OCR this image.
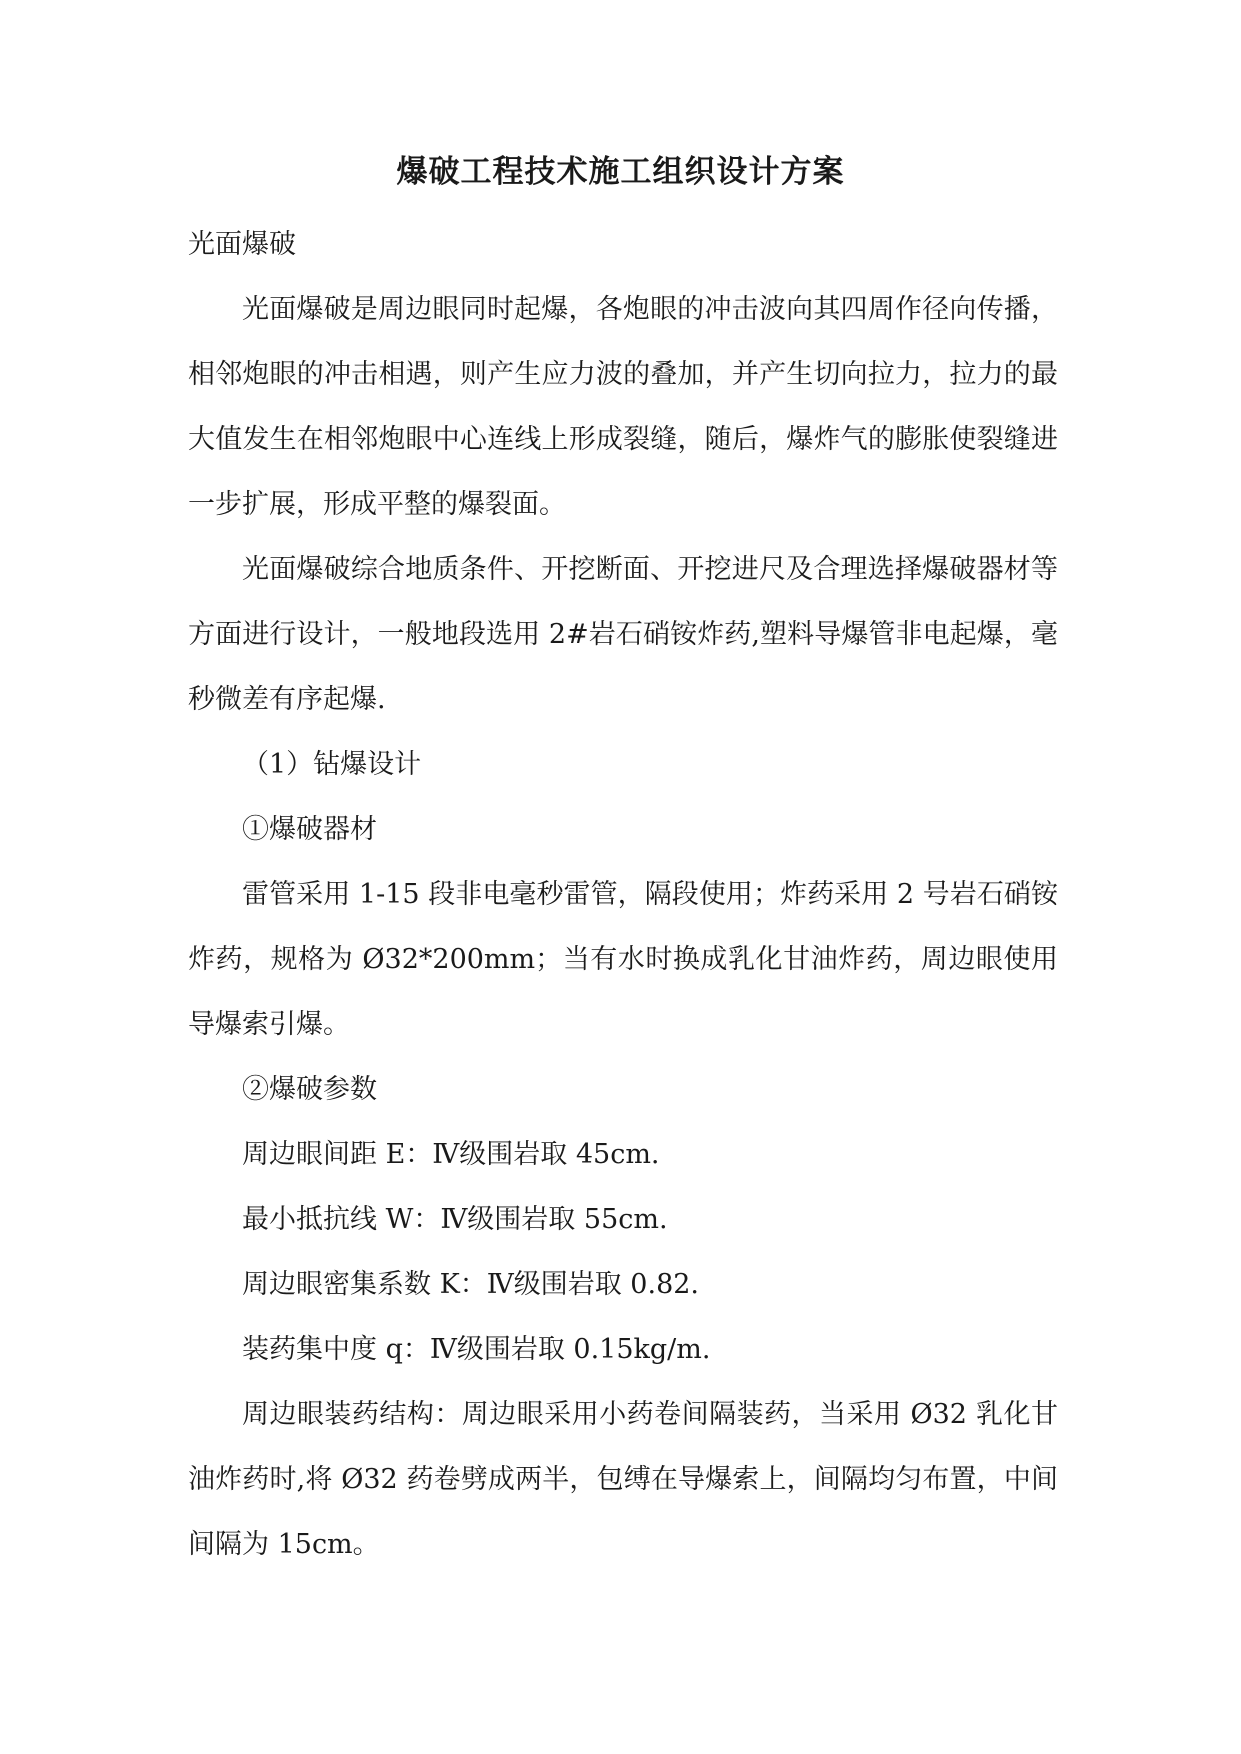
爆破工程技术施工组织设计方案

光面爆破

光面爆破是周边眼同时起爆，各炮眼的冲击波向其四周作径向传播，相邻炮眼的冲击相遇，则产生应力波的叠加，并产生切向拉力，拉力的最大值发生在相邻炮眼中心连线上形成裂缝，随后，爆炸气的膨胀使裂缝进一步扩展，形成平整的爆裂面。

光面爆破综合地质条件、开挖断面、开挖进尺及合理选择爆破器材等方面进行设计，一般地段选用 2#岩石硝铵炸药,塑料导爆管非电起爆，毫秒微差有序起爆.

（1）钻爆设计

①爆破器材

雷管采用 1-15 段非电毫秒雷管，隔段使用；炸药采用 2 号岩石硝铵炸药，规格为 Ø32*200mm；当有水时换成乳化甘油炸药，周边眼使用导爆索引爆。

②爆破参数

周边眼间距 E：Ⅳ级围岩取 45cm.

最小抵抗线 W：Ⅳ级围岩取 55cm.

周边眼密集系数 K：Ⅳ级围岩取 0.82.

装药集中度 q：Ⅳ级围岩取 0.15kg/m.

周边眼装药结构：周边眼采用小药卷间隔装药，当采用 Ø32 乳化甘油炸药时,将 Ø32 药卷劈成两半，包缚在导爆索上，间隔均匀布置，中间间隔为 15cm。
